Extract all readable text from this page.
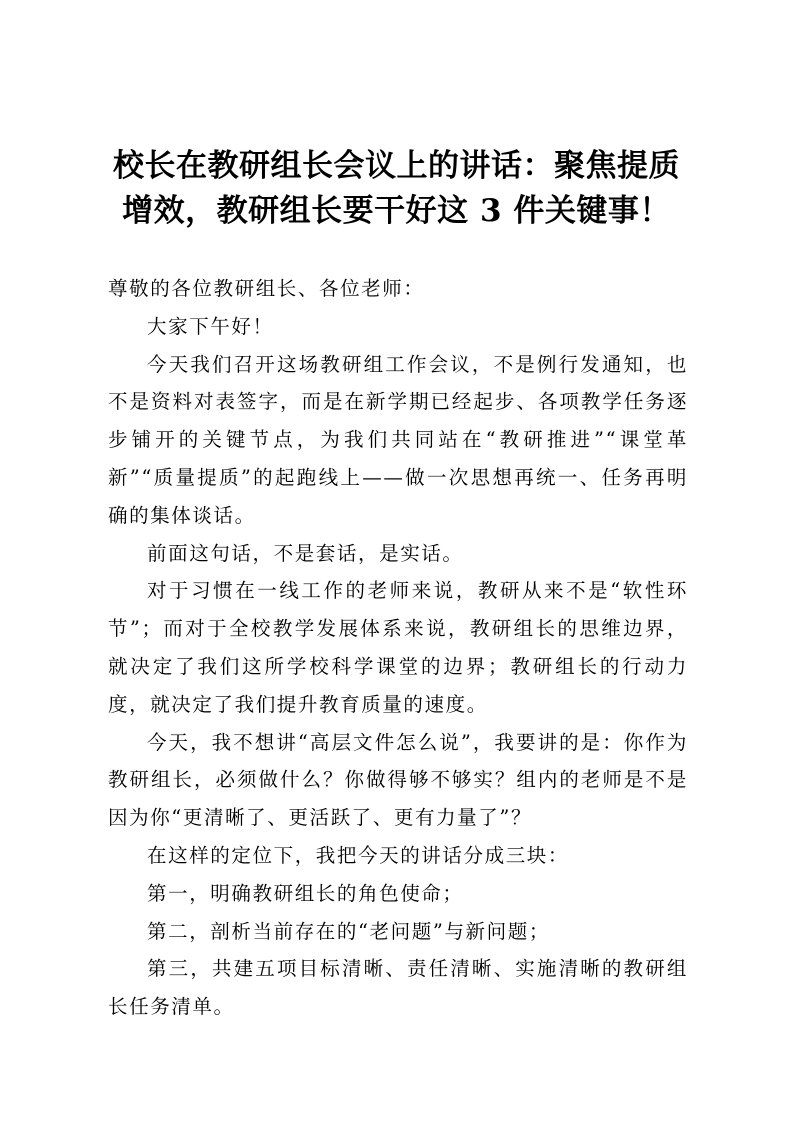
校长在教研组长会议上的讲话：聚焦提质
增效，教研组长要干好这 3 件关键事！

尊敬的各位教研组长、各位老师：

大家下午好！

今天我们召开这场教研组工作会议，不是例行发通知，也不是资料对表签字，而是在新学期已经起步、各项教学任务逐步铺开的关键节点，为我们共同站在“教研推进”“课堂革新”“质量提质”的起跑线上——做一次思想再统一、任务再明确的集体谈话。

前面这句话，不是套话，是实话。

对于习惯在一线工作的老师来说，教研从来不是“软性环节”；而对于全校教学发展体系来说，教研组长的思维边界，就决定了我们这所学校科学课堂的边界；教研组长的行动力度，就决定了我们提升教育质量的速度。

今天，我不想讲“高层文件怎么说”，我要讲的是：你作为教研组长，必须做什么？你做得够不够实？组内的老师是不是因为你“更清晰了、更活跃了、更有力量了”？

在这样的定位下，我把今天的讲话分成三块：

第一，明确教研组长的角色使命；

第二，剖析当前存在的“老问题”与新问题；

第三，共建五项目标清晰、责任清晰、实施清晰的教研组长任务清单。
